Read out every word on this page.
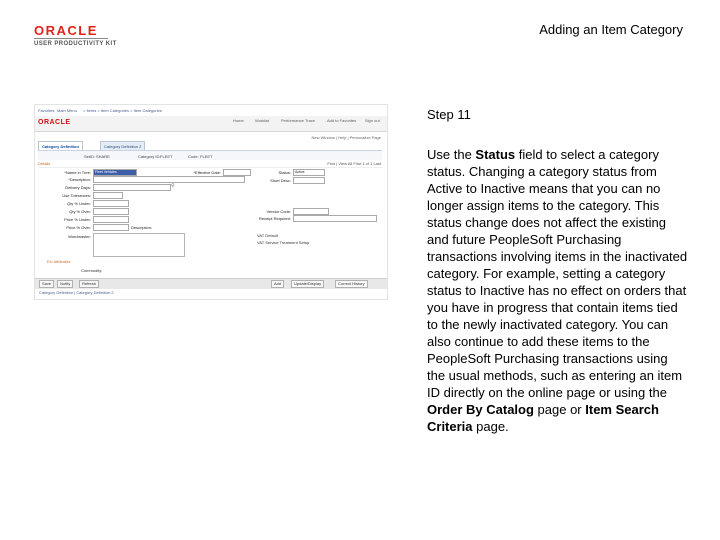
ORACLE
USER PRODUCTIVITY KIT
Adding an Item Category
Favorites Main Menu > Items > Item Categories > Item Categories
ORACLE	Home	Worklist	Performance Trace	Add to Favorites Sign out
New Window | Help | Personalize Page
Category Definition	Category Definition 2
SetID: SHARE	Category ID: FLEET	Code: FLEET
Details	Find | View All First 1 of 1 Last
*Name in Tree: Fleet Vehicles
*Description:
Delivery Days:	⚲
Use Tolerances:
Qty % Under:
Qty % Over:
Price % Under:
Price % Over:	Description:
Wordmaster:
*Effective Date:	Status: Active
Short Desc:
Vendor Code:
Receipt Required:
VAT Default
VAT Service Treatment Setup
EU Attributes
Commodity:
Save	Notify	Add	Update/Display	Correct History
Refresh
Category Definition | Category Definition 2

Step 11

Use the Status field to select a category status. Changing a category status from Active to Inactive means that you can no longer assign items to the category. This status change does not affect the existing and future PeopleSoft Purchasing transactions involving items in the inactivated category. For example, setting a category status to Inactive has no effect on orders that you have in progress that contain items tied to the newly inactivated category. You can also continue to add these items to the PeopleSoft Purchasing transactions using the usual methods, such as entering an item ID directly on the online page or using the Order By Catalog page or Item Search Criteria page.
